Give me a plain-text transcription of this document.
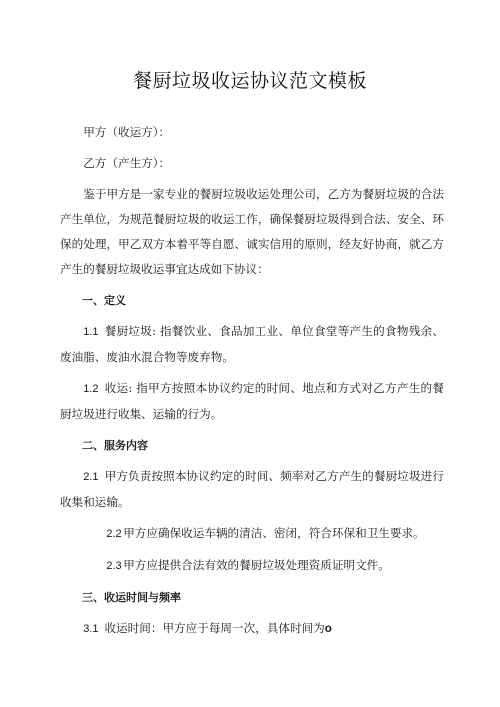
餐厨垃圾收运协议范文模板

甲方（收运方）：

乙方（产生方）：

鉴于甲方是一家专业的餐厨垃圾收运处理公司，乙方为餐厨垃圾的合法产生单位，为规范餐厨垃圾的收运工作，确保餐厨垃圾得到合法、安全、环保的处理，甲乙双方本着平等自愿、诚实信用的原则，经友好协商，就乙方产生的餐厨垃圾收运事宜达成如下协议：

一、定义

1.1 餐厨垃圾: 指餐饮业、食品加工业、单位食堂等产生的食物残余、废油脂、废油水混合物等废弃物。

1.2 收运: 指甲方按照本协议约定的时间、地点和方式对乙方产生的餐厨垃圾进行收集、运输的行为。

二、服务内容

2.1 甲方负责按照本协议约定的时间、频率对乙方产生的餐厨垃圾进行收集和运输。

2.2 甲方应确保收运车辆的清洁、密闭，符合环保和卫生要求。

2.3 甲方应提供合法有效的餐厨垃圾处理资质证明文件。

三、收运时间与频率

3.1 收运时间：甲方应于每周一次，具体时间为o
